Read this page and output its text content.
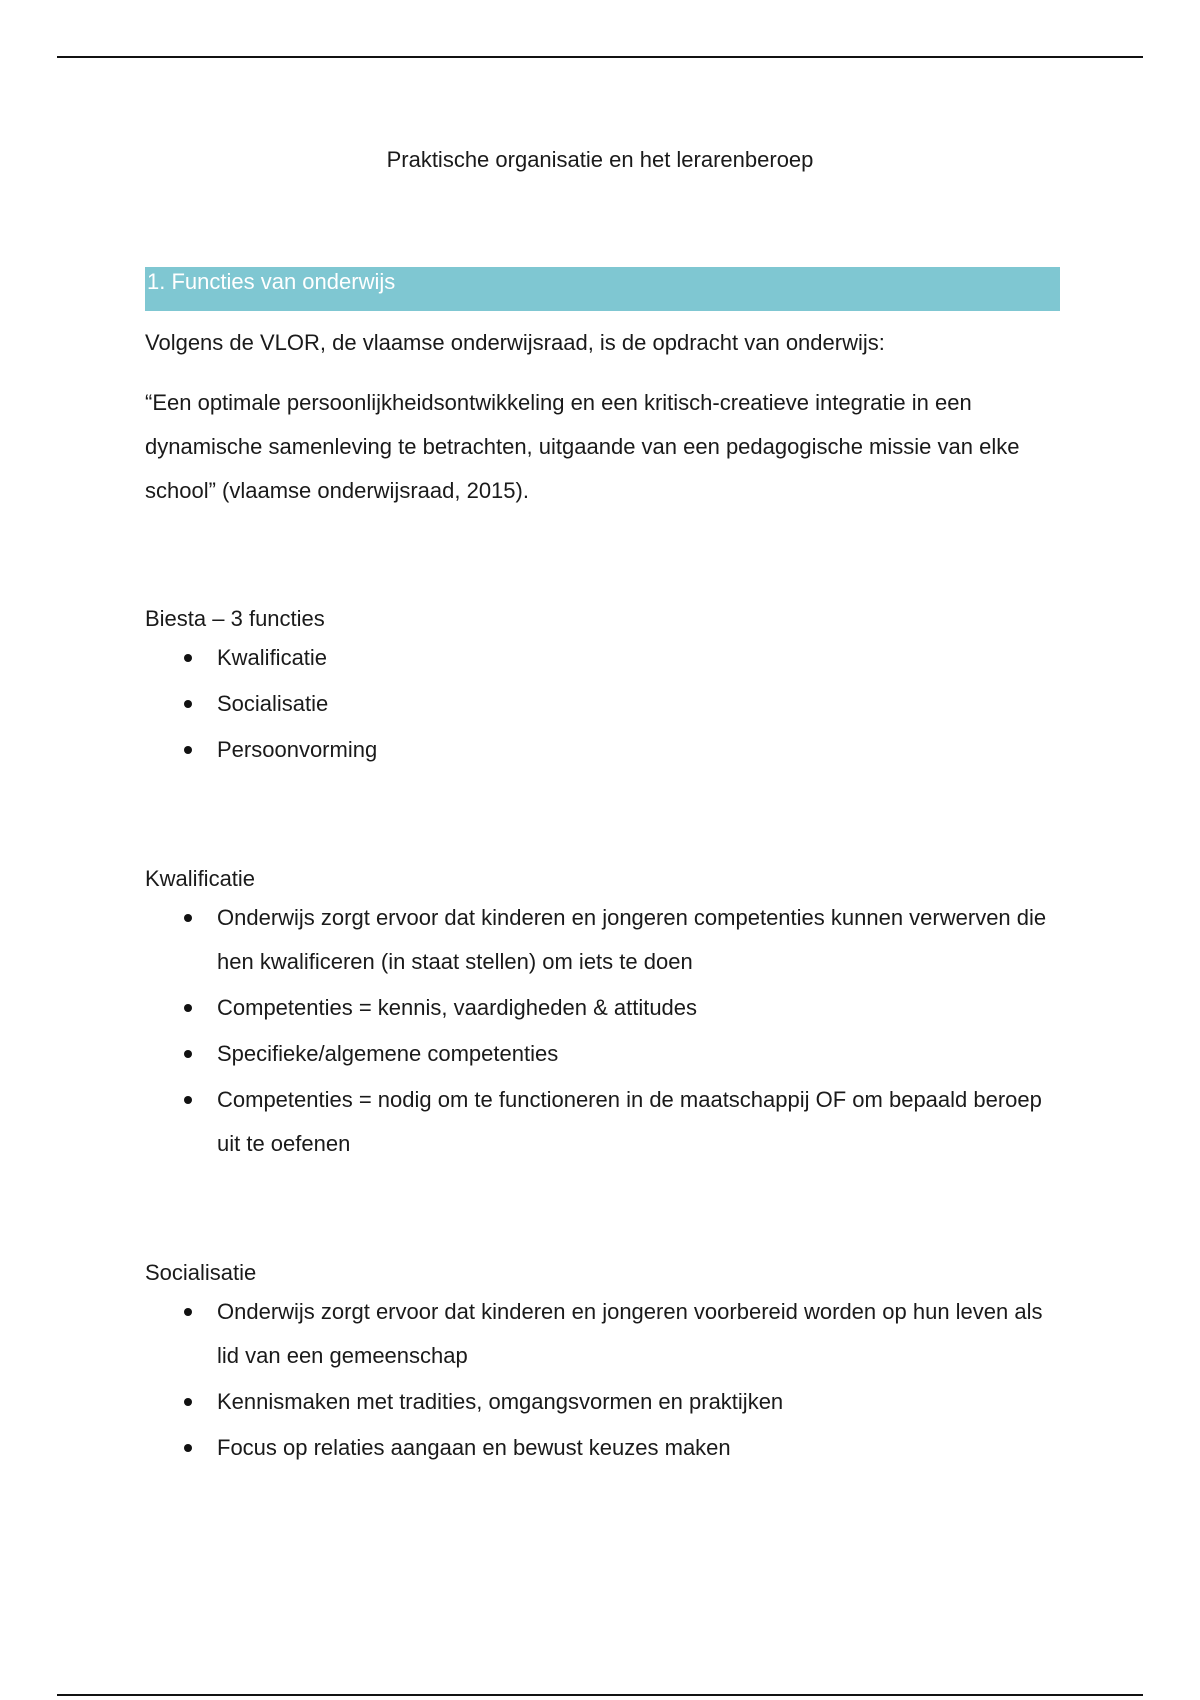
Praktische organisatie en het lerarenberoep
1. Functies van onderwijs

Volgens de VLOR, de vlaamse onderwijsraad, is de opdracht van onderwijs:

“Een optimale persoonlijkheidsontwikkeling en een kritisch-creatieve integratie in een dynamische samenleving te betrachten, uitgaande van een pedagogische missie van elke school” (vlaamse onderwijsraad, 2015).

Biesta – 3 functies

Kwalificatie
Socialisatie
Persoonvorming

Kwalificatie

Onderwijs zorgt ervoor dat kinderen en jongeren competenties kunnen verwerven die hen kwalificeren (in staat stellen) om iets te doen
Competenties = kennis, vaardigheden & attitudes
Specifieke/algemene competenties
Competenties = nodig om te functioneren in de maatschappij OF om bepaald beroep uit te oefenen

Socialisatie

Onderwijs zorgt ervoor dat kinderen en jongeren voorbereid worden op hun leven als lid van een gemeenschap
Kennismaken met tradities, omgangsvormen en praktijken
Focus op relaties aangaan en bewust keuzes maken
